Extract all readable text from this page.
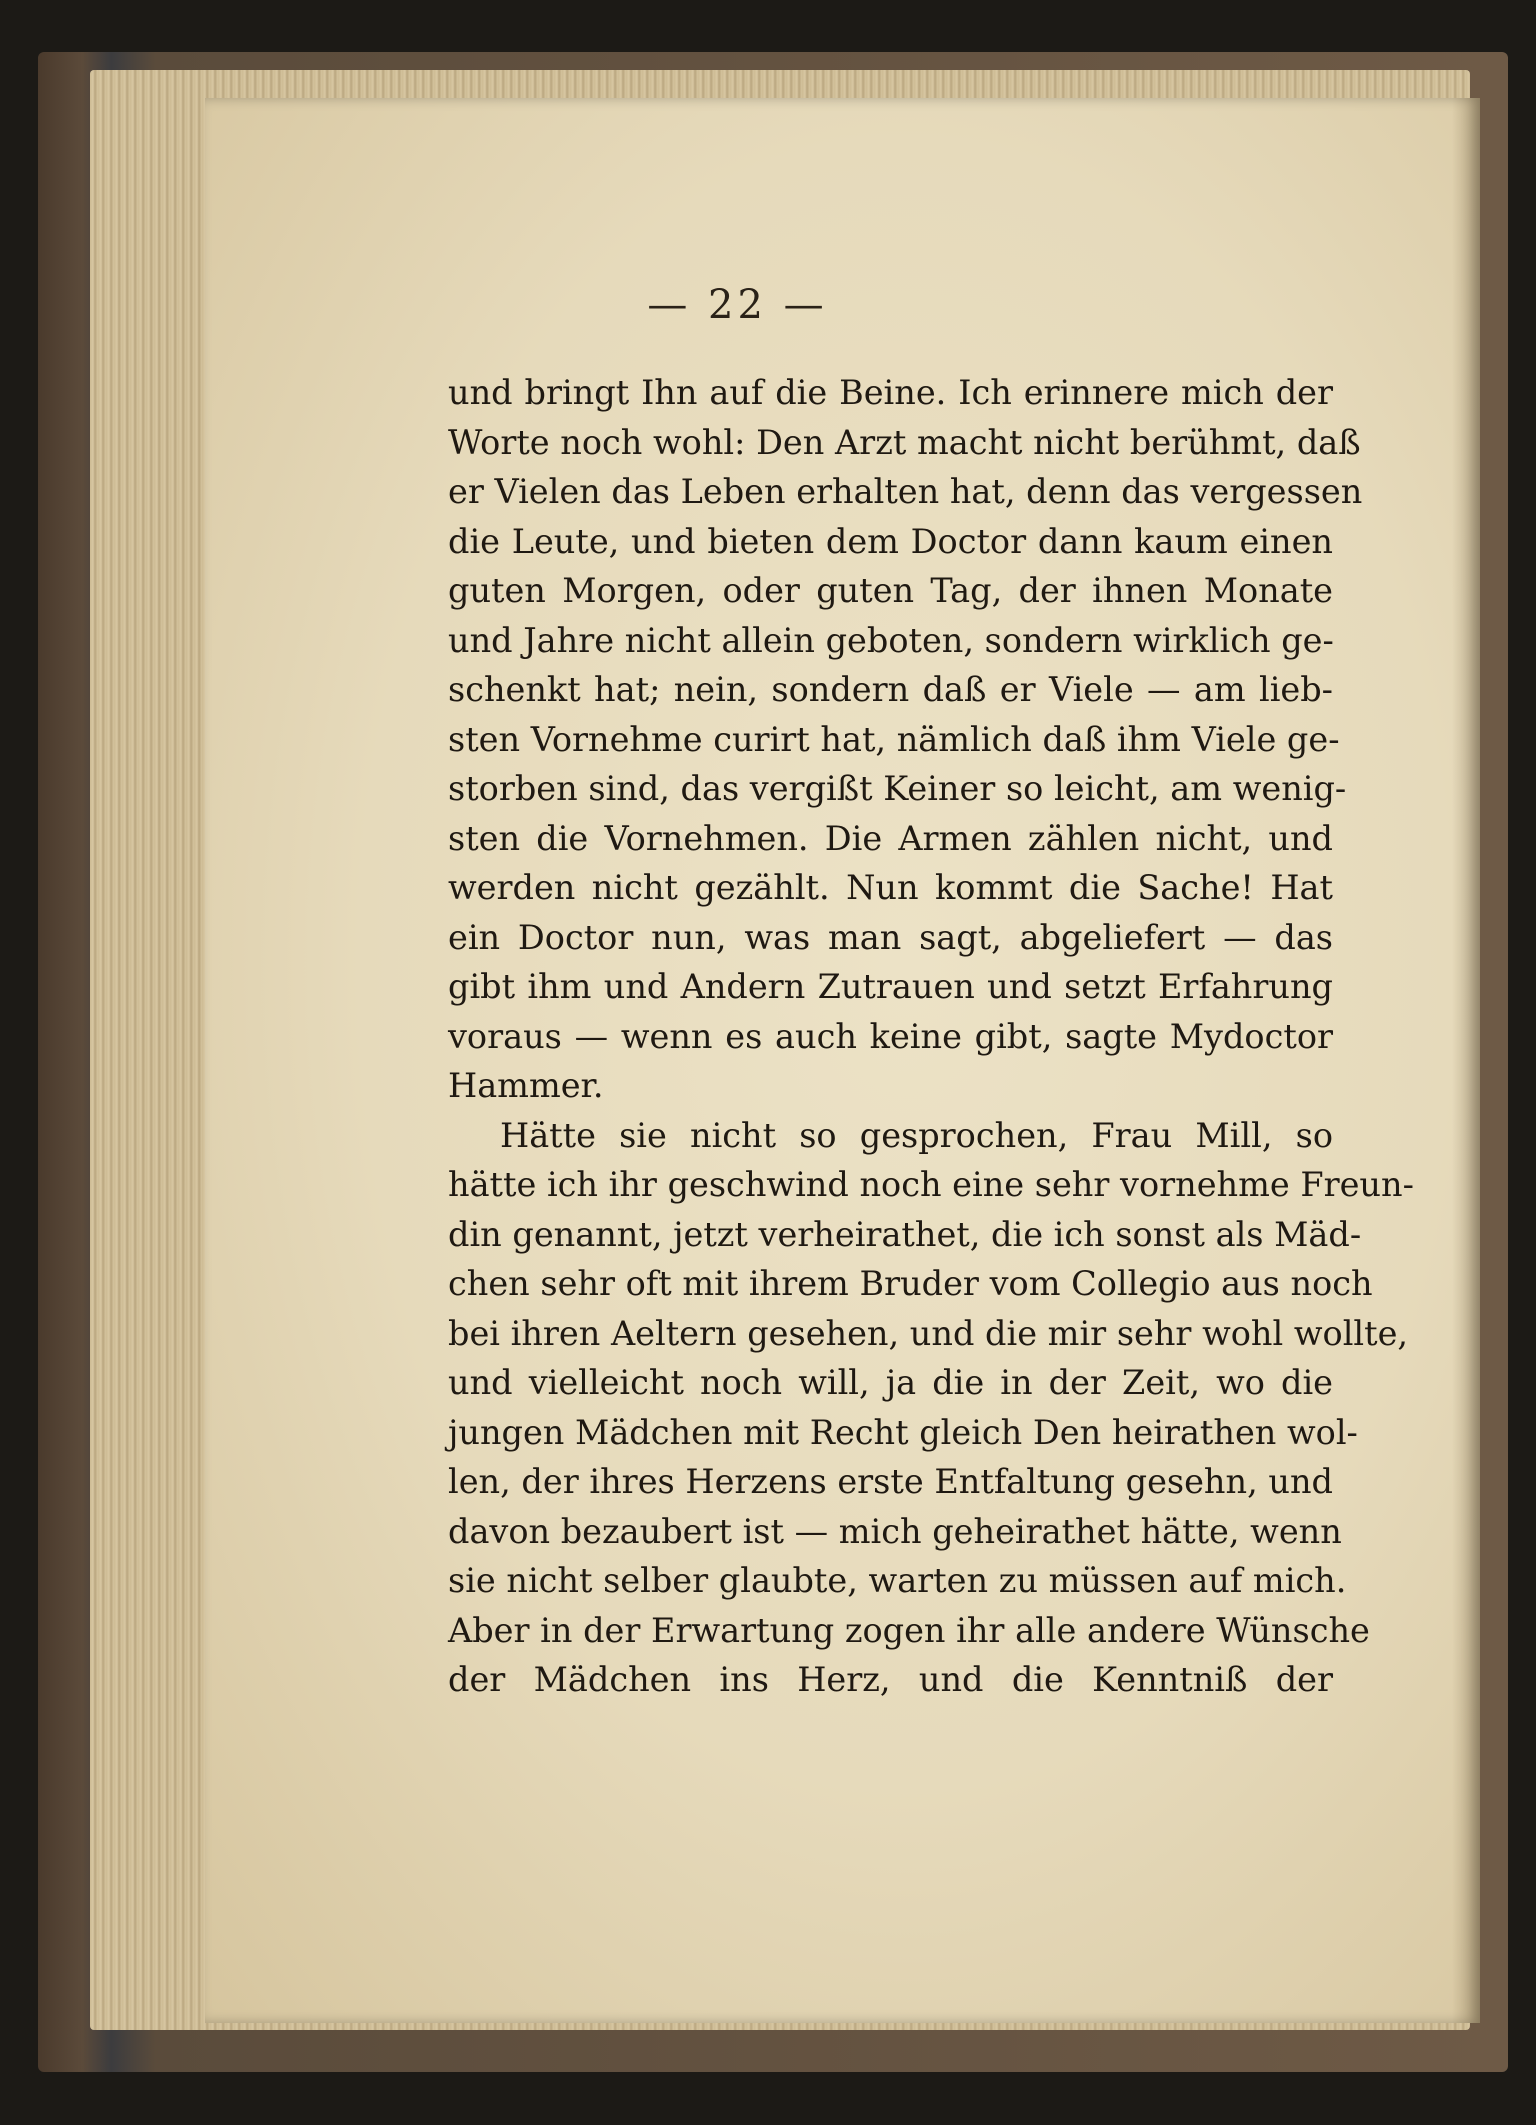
— 22 —
und bringt Ihn auf die Beine. Ich erinnere mich der
Worte noch wohl: Den Arzt macht nicht berühmt, daß
er Vielen das Leben erhalten hat, denn das vergessen
die Leute, und bieten dem Doctor dann kaum einen
guten Morgen, oder guten Tag, der ihnen Monate
und Jahre nicht allein geboten, sondern wirklich ge-
schenkt hat; nein, sondern daß er Viele — am lieb-
sten Vornehme curirt hat, nämlich daß ihm Viele ge-
storben sind, das vergißt Keiner so leicht, am wenig-
sten die Vornehmen. Die Armen zählen nicht, und
werden nicht gezählt. Nun kommt die Sache! Hat
ein Doctor nun, was man sagt, abgeliefert — das
gibt ihm und Andern Zutrauen und setzt Erfahrung
voraus — wenn es auch keine gibt, sagte Mydoctor
Hammer.
Hätte sie nicht so gesprochen, Frau Mill, so
hätte ich ihr geschwind noch eine sehr vornehme Freun-
din genannt, jetzt verheirathet, die ich sonst als Mäd-
chen sehr oft mit ihrem Bruder vom Collegio aus noch
bei ihren Aeltern gesehen, und die mir sehr wohl wollte,
und vielleicht noch will, ja die in der Zeit, wo die
jungen Mädchen mit Recht gleich Den heirathen wol-
len, der ihres Herzens erste Entfaltung gesehn, und
davon bezaubert ist — mich geheirathet hätte, wenn
sie nicht selber glaubte, warten zu müssen auf mich.
Aber in der Erwartung zogen ihr alle andere Wünsche
der Mädchen ins Herz, und die Kenntniß der
